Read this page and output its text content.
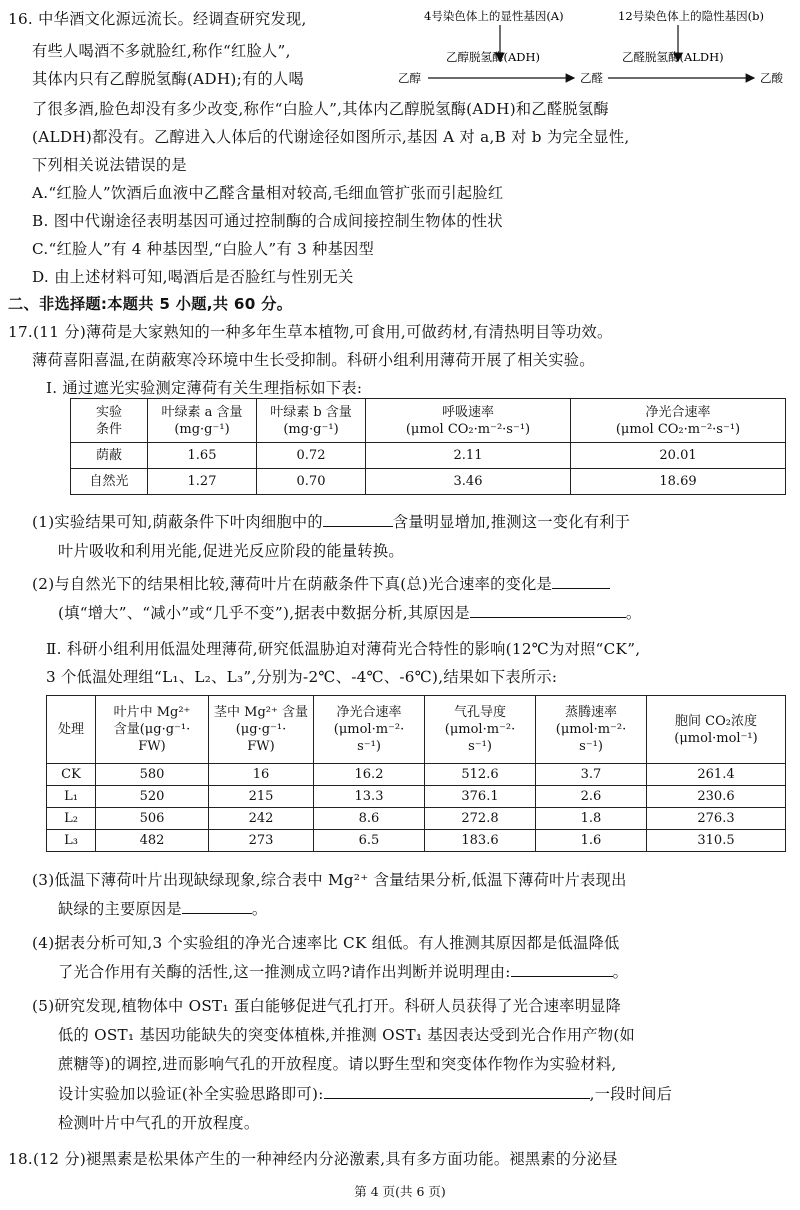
16. 中华酒文化源远流长。经调查研究发现,
有些人喝酒不多就脸红,称作“红脸人”,
其体内只有乙醇脱氢酶(ADH);有的人喝
了很多酒,脸色却没有多少改变,称作“白脸人”,其体内乙醇脱氢酶(ADH)和乙醛脱氢酶
(ALDH)都没有。乙醇进入人体后的代谢途径如图所示,基因 A 对 a,B 对 b 为完全显性,
下列相关说法错误的是
A.“红脸人”饮酒后血液中乙醛含量相对较高,毛细血管扩张而引起脸红
B. 图中代谢途径表明基因可通过控制酶的合成间接控制生物体的性状
C.“红脸人”有 4 种基因型,“白脸人”有 3 种基因型
D. 由上述材料可知,喝酒后是否脸红与性别无关
4号染色体上的显性基因(A)	12号染色体上的隐性基因(b)
乙醇脱氢酶(ADH)	乙醛脱氢酶(ALDH)
乙醇	乙醛	乙酸
二、非选择题:本题共 5 小题,共 60 分。
17.(11 分)薄荷是大家熟知的一种多年生草本植物,可食用,可做药材,有清热明目等功效。
薄荷喜阳喜温,在荫蔽寒冷环境中生长受抑制。科研小组利用薄荷开展了相关实验。
Ⅰ. 通过遮光实验测定薄荷有关生理指标如下表:
实验
条件	叶绿素 a 含量
(mg·g⁻¹)	叶绿素 b 含量
(mg·g⁻¹)	呼吸速率
(μmol CO₂·m⁻²·s⁻¹)	净光合速率
(μmol CO₂·m⁻²·s⁻¹)
荫蔽	1.65	0.72	2.11	20.01
自然光	1.27	0.70	3.46	18.69
(1)实验结果可知,荫蔽条件下叶肉细胞中的	含量明显增加,推测这一变化有利于
叶片吸收和利用光能,促进光反应阶段的能量转换。
(2)与自然光下的结果相比较,薄荷叶片在荫蔽条件下真(总)光合速率的变化是
(填“增大”、“减小”或“几乎不变”),据表中数据分析,其原因是	。
Ⅱ. 科研小组利用低温处理薄荷,研究低温胁迫对薄荷光合特性的影响(12℃为对照“CK”,
3 个低温处理组“L₁、L₂、L₃”,分别为-2℃、-4℃、-6℃),结果如下表所示:
处理	叶片中 Mg²⁺
含量(μg·g⁻¹·
FW)	茎中 Mg²⁺ 含量
(μg·g⁻¹·
FW)	净光合速率
(μmol·m⁻²·
s⁻¹)	气孔导度
(μmol·m⁻²·
s⁻¹)	蒸腾速率
(μmol·m⁻²·
s⁻¹)	胞间 CO₂浓度
(μmol·mol⁻¹)
CK	580	16	16.2	512.6	3.7	261.4
L₁	520	215	13.3	376.1	2.6	230.6
L₂	506	242	8.6	272.8	1.8	276.3
L₃	482	273	6.5	183.6	1.6	310.5
(3)低温下薄荷叶片出现缺绿现象,综合表中 Mg²⁺ 含量结果分析,低温下薄荷叶片表现出
缺绿的主要原因是	。
(4)据表分析可知,3 个实验组的净光合速率比 CK 组低。有人推测其原因都是低温降低
了光合作用有关酶的活性,这一推测成立吗?请作出判断并说明理由:	。
(5)研究发现,植物体中 OST₁ 蛋白能够促进气孔打开。科研人员获得了光合速率明显降
低的 OST₁ 基因功能缺失的突变体植株,并推测 OST₁ 基因表达受到光合作用产物(如
蔗糖等)的调控,进而影响气孔的开放程度。请以野生型和突变体作物作为实验材料,
设计实验加以验证(补全实验思路即可):	,一段时间后
检测叶片中气孔的开放程度。
18.(12 分)褪黑素是松果体产生的一种神经内分泌激素,具有多方面功能。褪黑素的分泌昼
第 4 页(共 6 页)
